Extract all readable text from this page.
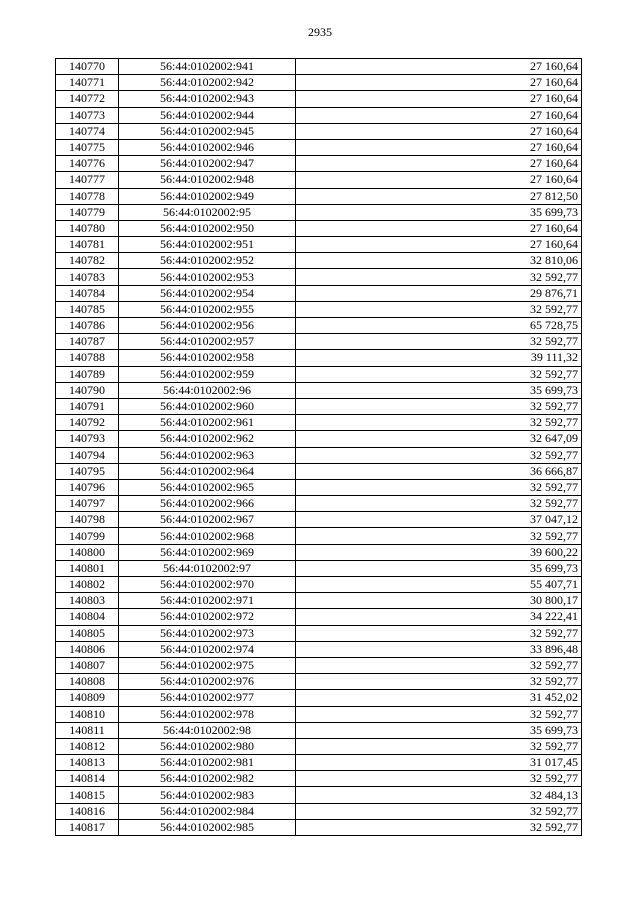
2935
140770	56:44:0102002:941	27 160,64
140771	56:44:0102002:942	27 160,64
140772	56:44:0102002:943	27 160,64
140773	56:44:0102002:944	27 160,64
140774	56:44:0102002:945	27 160,64
140775	56:44:0102002:946	27 160,64
140776	56:44:0102002:947	27 160,64
140777	56:44:0102002:948	27 160,64
140778	56:44:0102002:949	27 812,50
140779	56:44:0102002:95	35 699,73
140780	56:44:0102002:950	27 160,64
140781	56:44:0102002:951	27 160,64
140782	56:44:0102002:952	32 810,06
140783	56:44:0102002:953	32 592,77
140784	56:44:0102002:954	29 876,71
140785	56:44:0102002:955	32 592,77
140786	56:44:0102002:956	65 728,75
140787	56:44:0102002:957	32 592,77
140788	56:44:0102002:958	39 111,32
140789	56:44:0102002:959	32 592,77
140790	56:44:0102002:96	35 699,73
140791	56:44:0102002:960	32 592,77
140792	56:44:0102002:961	32 592,77
140793	56:44:0102002:962	32 647,09
140794	56:44:0102002:963	32 592,77
140795	56:44:0102002:964	36 666,87
140796	56:44:0102002:965	32 592,77
140797	56:44:0102002:966	32 592,77
140798	56:44:0102002:967	37 047,12
140799	56:44:0102002:968	32 592,77
140800	56:44:0102002:969	39 600,22
140801	56:44:0102002:97	35 699,73
140802	56:44:0102002:970	55 407,71
140803	56:44:0102002:971	30 800,17
140804	56:44:0102002:972	34 222,41
140805	56:44:0102002:973	32 592,77
140806	56:44:0102002:974	33 896,48
140807	56:44:0102002:975	32 592,77
140808	56:44:0102002:976	32 592,77
140809	56:44:0102002:977	31 452,02
140810	56:44:0102002:978	32 592,77
140811	56:44:0102002:98	35 699,73
140812	56:44:0102002:980	32 592,77
140813	56:44:0102002:981	31 017,45
140814	56:44:0102002:982	32 592,77
140815	56:44:0102002:983	32 484,13
140816	56:44:0102002:984	32 592,77
140817	56:44:0102002:985	32 592,77
